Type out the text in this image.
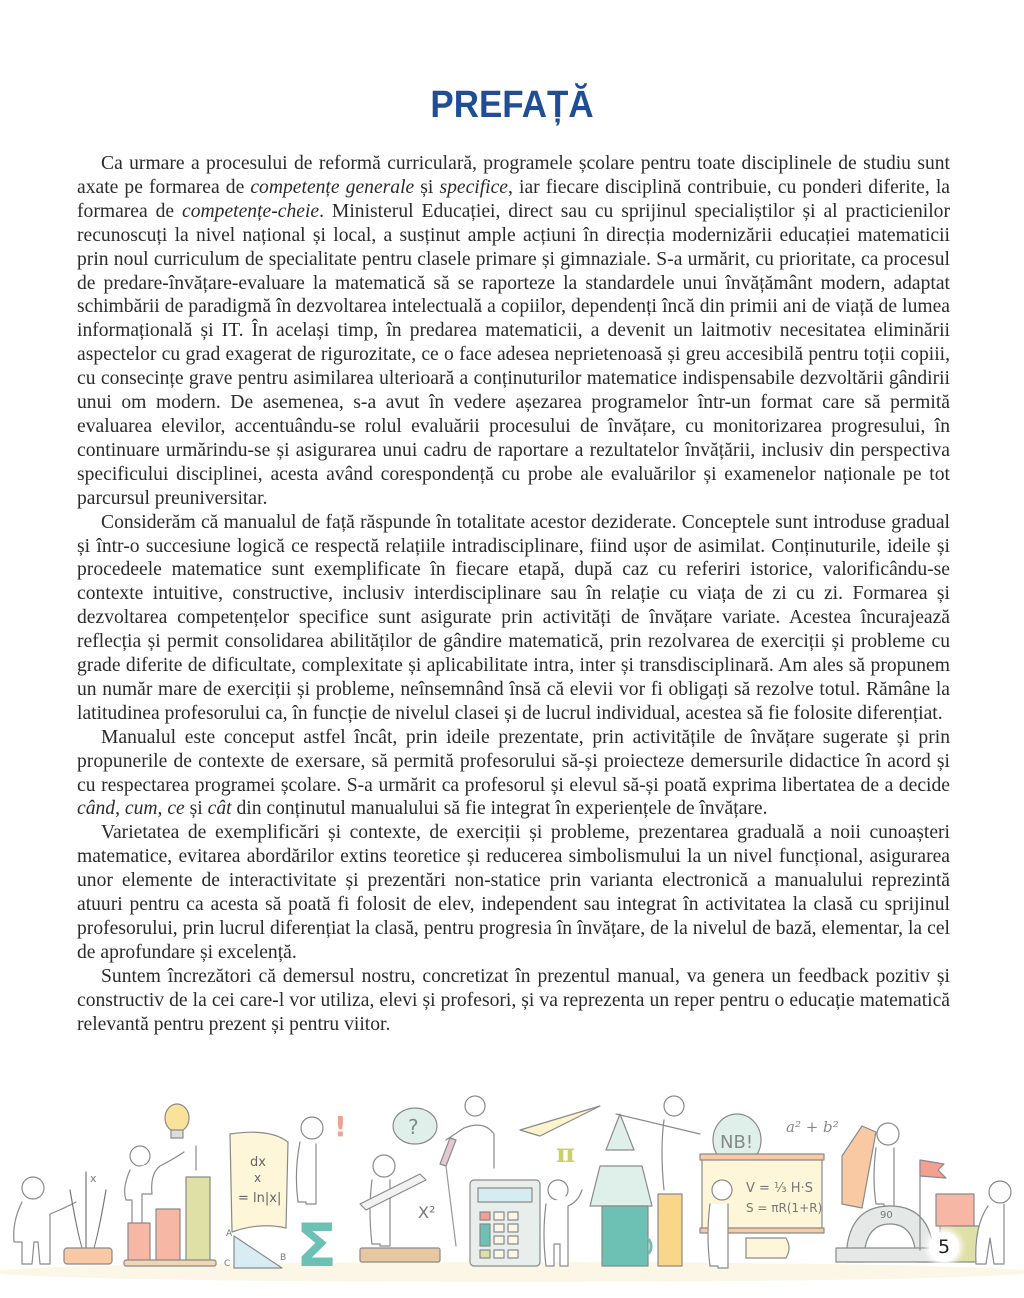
PREFAȚĂ

Ca urmare a procesului de reformă curriculară, programele școlare pentru toate disciplinele de studiu sunt axate pe formarea de competențe generale și specifice, iar fiecare disciplină contribuie, cu ponderi diferite, la formarea de competențe-cheie. Ministerul Educației, direct sau cu sprijinul specialiștilor și al practicienilor recunoscuți la nivel național și local, a susținut ample acțiuni în direcția modernizării educației matematicii prin noul curriculum de specialitate pentru clasele primare și gimnaziale. S-a urmărit, cu prioritate, ca procesul de predare-învățare-evaluare la matematică să se raporteze la standardele unui învățământ modern, adaptat schimbării de paradigmă în dezvoltarea intelectuală a copiilor, dependenți încă din primii ani de viață de lumea informațională și IT. În același timp, în predarea matematicii, a devenit un laitmotiv necesitatea eliminării aspectelor cu grad exagerat de rigurozitate, ce o face adesea neprietenoasă și greu accesibilă pentru toții copiii, cu consecințe grave pentru asimilarea ulterioară a conținuturilor matematice indispensabile dezvoltării gândirii unui om modern. De asemenea, s-a avut în vedere așezarea programelor într-un format care să permită evaluarea elevilor, accentuându-se rolul evaluării procesului de învățare, cu monitorizarea progresului, în continuare urmărindu-se și asigurarea unui cadru de raportare a rezultatelor învățării, inclusiv din perspectiva specificului disciplinei, acesta având corespondență cu probe ale evaluărilor și examenelor naționale pe tot parcursul preuniversitar.

Considerăm că manualul de față răspunde în totalitate acestor deziderate. Conceptele sunt introduse gradual și într-o succesiune logică ce respectă relațiile intradisciplinare, fiind ușor de asimilat. Conținuturile, ideile și procedeele matematice sunt exemplificate în fiecare etapă, după caz cu referiri istorice, valorificându-se contexte intuitive, constructive, inclusiv interdisciplinare sau în relație cu viața de zi cu zi. Formarea și dezvoltarea competențelor specifice sunt asigurate prin activități de învățare variate. Acestea încurajează reflecția și permit consolidarea abilităților de gândire matematică, prin rezolvarea de exerciții și probleme cu grade diferite de dificultate, complexitate și aplicabilitate intra, inter și transdisciplinară. Am ales să propunem un număr mare de exerciții și probleme, neînsemnând însă că elevii vor fi obligați să rezolve totul. Rămâne la latitudinea profesorului ca, în funcție de nivelul clasei și de lucrul individual, acestea să fie folosite diferențiat.

Manualul este conceput astfel încât, prin ideile prezentate, prin activitățile de învățare sugerate și prin propunerile de contexte de exersare, să permită profesorului să-și proiecteze demersurile didactice în acord și cu respectarea programei școlare. S-a urmărit ca profesorul și elevul să-și poată exprima libertatea de a decide când, cum, ce și cât din conținutul manualului să fie integrat în experiențele de învățare.

Varietatea de exemplificări și contexte, de exerciții și probleme, prezentarea graduală a noii cunoașteri matematice, evitarea abordărilor extins teoretice și reducerea simbolismului la un nivel funcțional, asigurarea unor elemente de interactivitate și prezentări non-statice prin varianta electronică a manualului reprezintă atuuri pentru ca acesta să poată fi folosit de elev, independent sau integrat în activitatea la clasă cu sprijinul profesorului, prin lucrul diferențiat la clasă, pentru progresia în învățare, de la nivelul de bază, elementar, la cel de aprofundare și excelență.

Suntem încrezători că demersul nostru, concretizat în prezentul manual, va genera un feedback pozitiv și constructiv de la cei care-l vor utiliza, elevi și profesori, și va reprezenta un reper pentru o educație matematică relevantă pentru prezent și pentru viitor.

x
dx
x
= ln|x|
A
B
C
!
Σ
?
X²
π
(x)
NB!
a² + b²
V = ⅓ H·S
S = πR(1+R)
90
5
